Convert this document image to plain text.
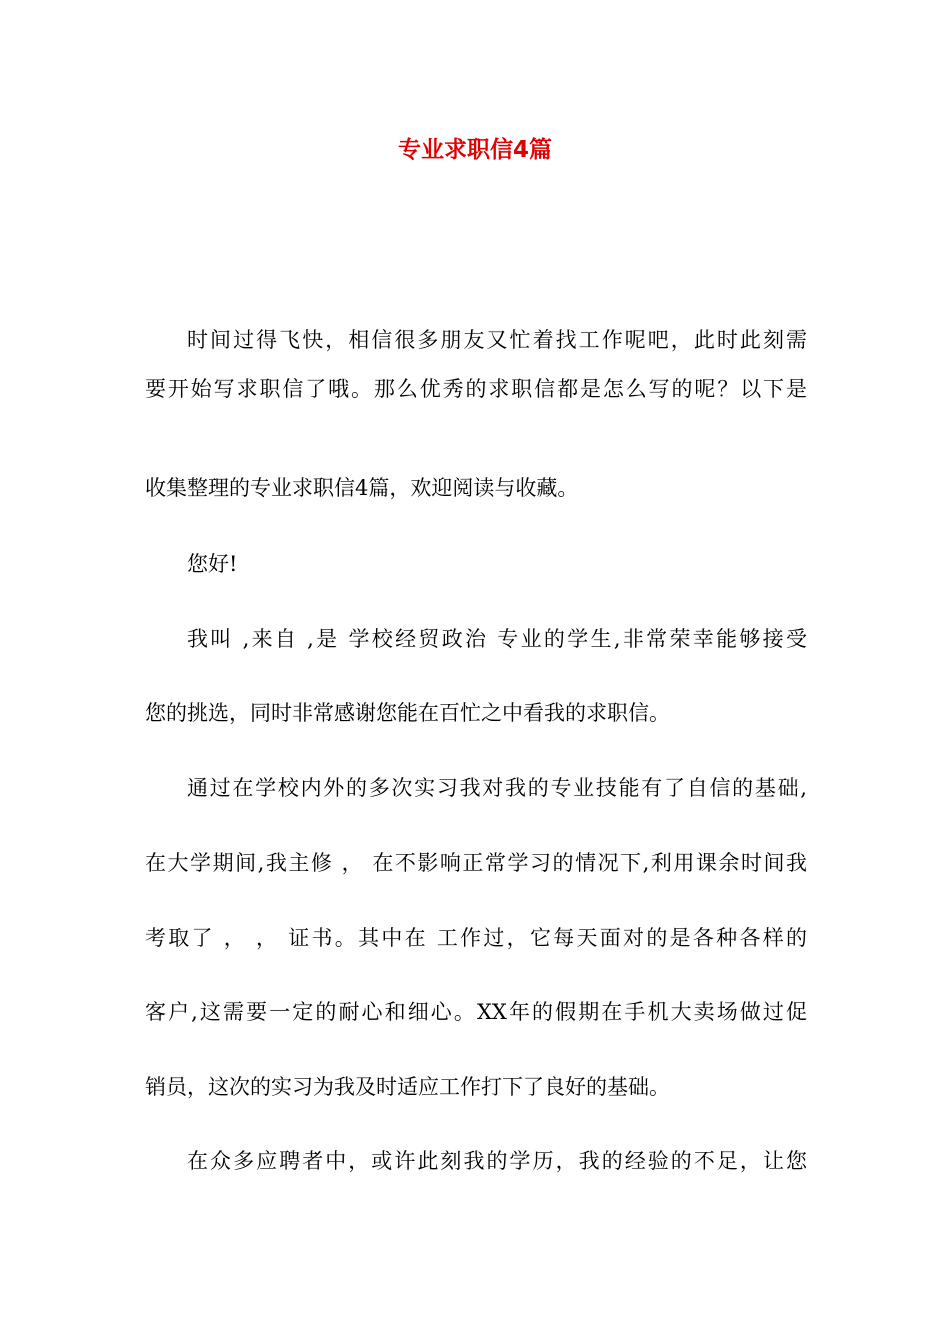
专业求职信4篇

时间过得飞快，相信很多朋友又忙着找工作呢吧，此时此刻需

要开始写求职信了哦。那么优秀的求职信都是怎么写的呢？以下是

收集整理的专业求职信4篇，欢迎阅读与收藏。

您好!

我叫 ,来自 ,是 学校经贸政治 专业的学生,非常荣幸能够接受

您的挑选，同时非常感谢您能在百忙之中看我的求职信。

通过在学校内外的多次实习我对我的专业技能有了自信的基础,

在大学期间,我主修 ， 在不影响正常学习的情况下,利用课余时间我

考取了 ， ， 证书。其中在 工作过，它每天面对的是各种各样的

客户,这需要一定的耐心和细心。XX年的假期在手机大卖场做过促

销员，这次的实习为我及时适应工作打下了良好的基础。

在众多应聘者中，或许此刻我的学历，我的经验的不足，让您
